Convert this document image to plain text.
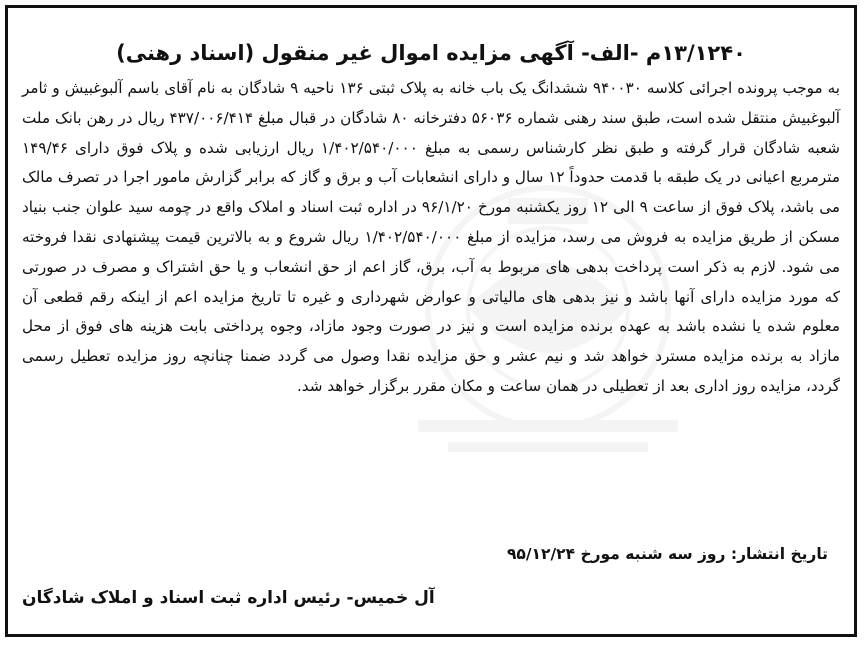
۱۳/۱۲۴۰م -الف- آگهی مزایده اموال غیر منقول (اسناد رهنی)
به موجب پرونده اجرائی کلاسه ۹۴۰۰۳۰ ششدانگ یک باب خانه به پلاک ثبتی ۱۳۶ ناحیه ۹ شادگان به نام آقای باسم آلبوغبیش و ثامر آلبوغبیش منتقل شده است، طبق سند رهنی شماره ۵۶۰۳۶ دفترخانه ۸۰ شادگان در قبال مبلغ ۴۳۷/۰۰۶/۴۱۴ ریال در رهن بانک ملت شعبه شادگان قرار گرفته و طبق نظر کارشناس رسمی به مبلغ ۱/۴۰۲/۵۴۰/۰۰۰ ریال ارزیابی شده و پلاک فوق دارای ۱۴۹/۴۶ مترمربع اعیانی در یک طبقه با قدمت حدوداً ۱۲ سال و دارای انشعابات آب و برق و گاز که برابر گزارش مامور اجرا در تصرف مالک می باشد، پلاک فوق از ساعت ۹ الی ۱۲ روز یکشنبه مورخ ۹۶/۱/۲۰ در اداره ثبت اسناد و املاک واقع در چومه سید علوان جنب بنیاد مسکن از طریق مزایده به فروش می رسد، مزایده از مبلغ ۱/۴۰۲/۵۴۰/۰۰۰ ریال شروع و به بالاترین قیمت پیشنهادی نقدا فروخته می شود. لازم به ذکر است پرداخت بدهی های مربوط به آب، برق، گاز اعم از حق انشعاب و یا حق اشتراک و مصرف در صورتی که مورد مزایده دارای آنها باشد و نیز بدهی های مالیاتی و عوارض شهرداری و غیره تا تاریخ مزایده اعم از اینکه رقم قطعی آن معلوم شده یا نشده باشد به عهده برنده مزایده است و نیز در صورت وجود مازاد، وجوه پرداختی بابت هزینه های فوق از محل مازاد به برنده مزایده مسترد خواهد شد و نیم عشر و حق مزایده نقدا وصول می گردد ضمنا چنانچه روز مزایده تعطیل رسمی گردد، مزایده روز اداری بعد از تعطیلی در همان ساعت و مکان مقرر برگزار خواهد شد.
تاریخ انتشار: روز سه شنبه مورخ ۹۵/۱۲/۲۴
آل خمیس- رئیس اداره ثبت اسناد و املاک شادگان
